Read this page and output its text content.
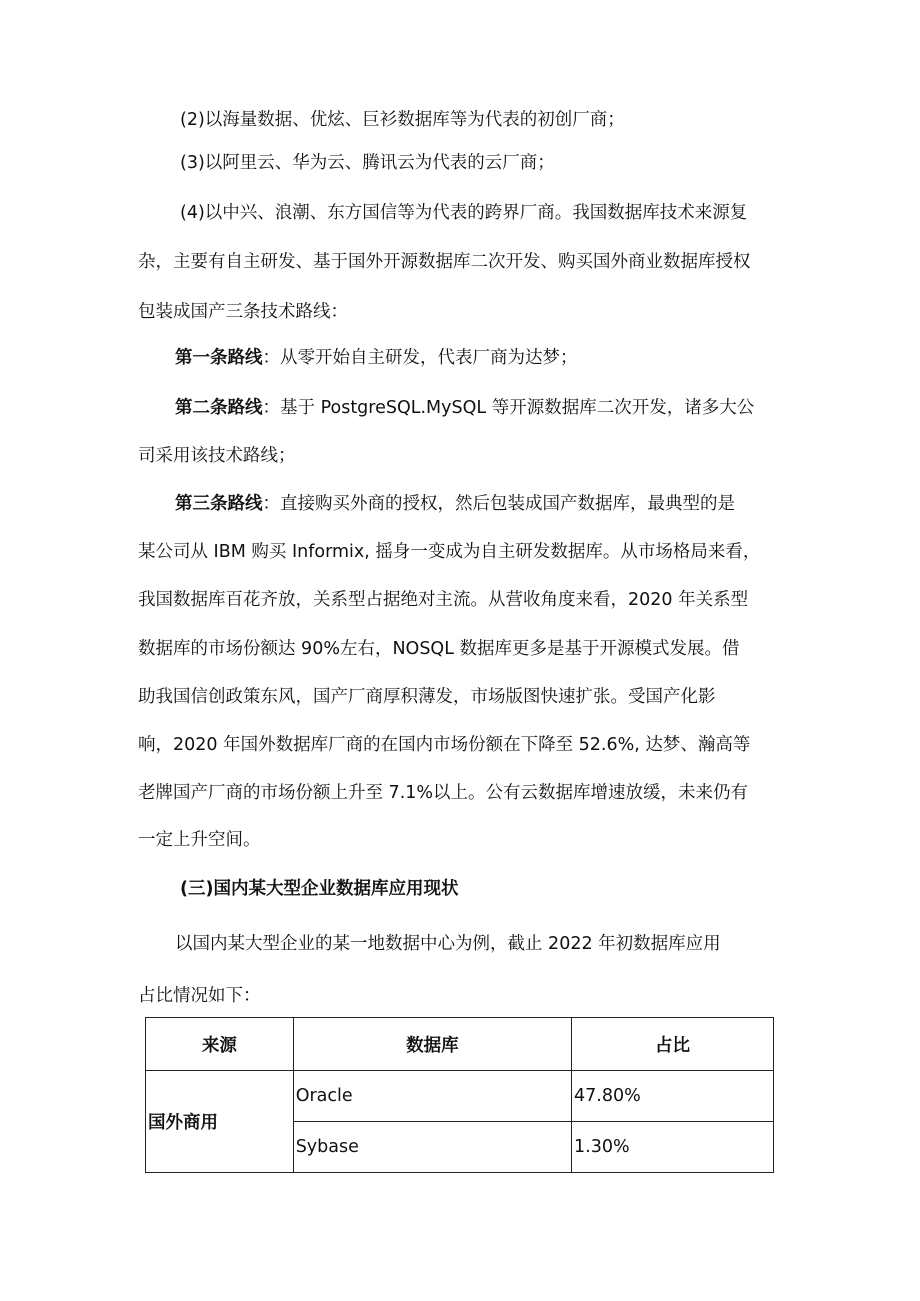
(2)以海量数据、优炫、巨衫数据库等为代表的初创厂商；
(3)以阿里云、华为云、腾讯云为代表的云厂商；
(4)以中兴、浪潮、东方国信等为代表的跨界厂商。我国数据库技术来源复
杂，主要有自主研发、基于国外开源数据库二次开发、购买国外商业数据库授权
包装成国产三条技术路线：
第一条路线：从零开始自主研发，代表厂商为达梦；
第二条路线：基于 PostgreSQL.MySQL 等开源数据库二次开发，诸多大公
司采用该技术路线；
第三条路线：直接购买外商的授权，然后包装成国产数据库，最典型的是
某公司从 IBM 购买 Informix, 摇身一变成为自主研发数据库。从市场格局来看，
我国数据库百花齐放，关系型占据绝对主流。从营收角度来看，2020 年关系型
数据库的市场份额达 90%左右，NOSQL 数据库更多是基于开源模式发展。借
助我国信创政策东风，国产厂商厚积薄发，市场版图快速扩张。受国产化影
响，2020 年国外数据库厂商的在国内市场份额在下降至 52.6%, 达梦、瀚高等
老牌国产厂商的市场份额上升至 7.1%以上。公有云数据库增速放缓，未来仍有
一定上升空间。
(三)国内某大型企业数据库应用现状
以国内某大型企业的某一地数据中心为例，截止 2022 年初数据库应用
占比情况如下：
来源	数据库	占比
国外商用	Oracle	47.80%
	Sybase	1.30%
